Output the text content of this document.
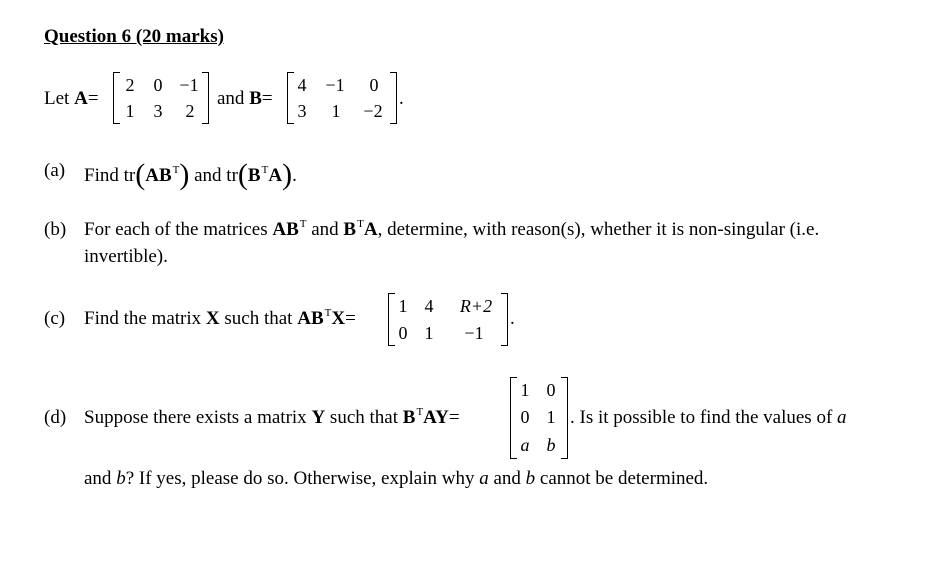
Question 6 (20 marks)
Let A=
2 0 −1
1 3 2
and B=
4 −1 0
3 1 −2
.
(a) Find $tr(AB^T)$ and $tr(B^TA)$.
(b) For each of the matrices $AB^T$ and $B^TA$, determine, with reason(s), whether it is non-singular (i.e.
invertible).
(c) Find the matrix X such that $AB^TX=$
1 4	R+2
0 1 −1
.
(d) Suppose there exists a matrix Y such that $B^TAY=$
1 0
0 1
a b
. Is it possible to find the values of a
and b? If yes, please do so. Otherwise, explain why a and b cannot be determined.
